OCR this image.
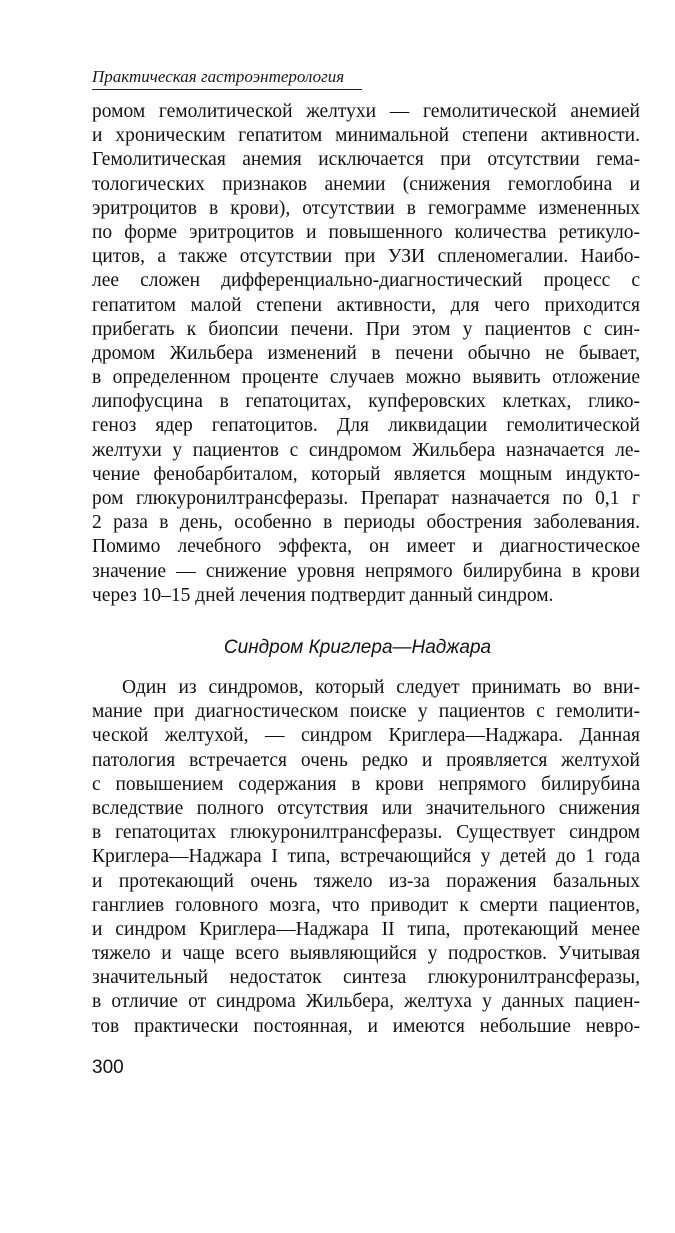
Практическая гастроэнтерология
ромом гемолитической желтухи — гемолитической анемией
и хроническим гепатитом минимальной степени активности.
Гемолитическая анемия исключается при отсутствии гема-
тологических признаков анемии (снижения гемоглобина и
эритроцитов в крови), отсутствии в гемограмме измененных
по форме эритроцитов и повышенного количества ретикуло-
цитов, а также отсутствии при УЗИ спленомегалии. Наибо-
лее сложен дифференциально-диагностический процесс с
гепатитом малой степени активности, для чего приходится
прибегать к биопсии печени. При этом у пациентов с син-
дромом Жильбера изменений в печени обычно не бывает,
в определенном проценте случаев можно выявить отложение
липофусцина в гепатоцитах, купферовских клетках, глико-
геноз ядер гепатоцитов. Для ликвидации гемолитической
желтухи у пациентов с синдромом Жильбера назначается ле-
чение фенобарбиталом, который является мощным индукто-
ром глюкуронилтрансферазы. Препарат назначается по 0,1 г
2 раза в день, особенно в периоды обострения заболевания.
Помимо лечебного эффекта, он имеет и диагностическое
значение — снижение уровня непрямого билирубина в крови
через 10–15 дней лечения подтвердит данный синдром.
Синдром Криглера—Наджара
Один из синдромов, который следует принимать во вни-
мание при диагностическом поиске у пациентов с гемолити-
ческой желтухой, — синдром Криглера—Наджара. Данная
патология встречается очень редко и проявляется желтухой
с повышением содержания в крови непрямого билирубина
вследствие полного отсутствия или значительного снижения
в гепатоцитах глюкуронилтрансферазы. Существует синдром
Криглера—Наджара I типа, встречающийся у детей до 1 года
и протекающий очень тяжело из-за поражения базальных
ганглиев головного мозга, что приводит к смерти пациентов,
и синдром Криглера—Наджара II типа, протекающий менее
тяжело и чаще всего выявляющийся у подростков. Учитывая
значительный недостаток синтеза глюкуронилтрансферазы,
в отличие от синдрома Жильбера, желтуха у данных пациен-
тов практически постоянная, и имеются небольшие невро-
300
